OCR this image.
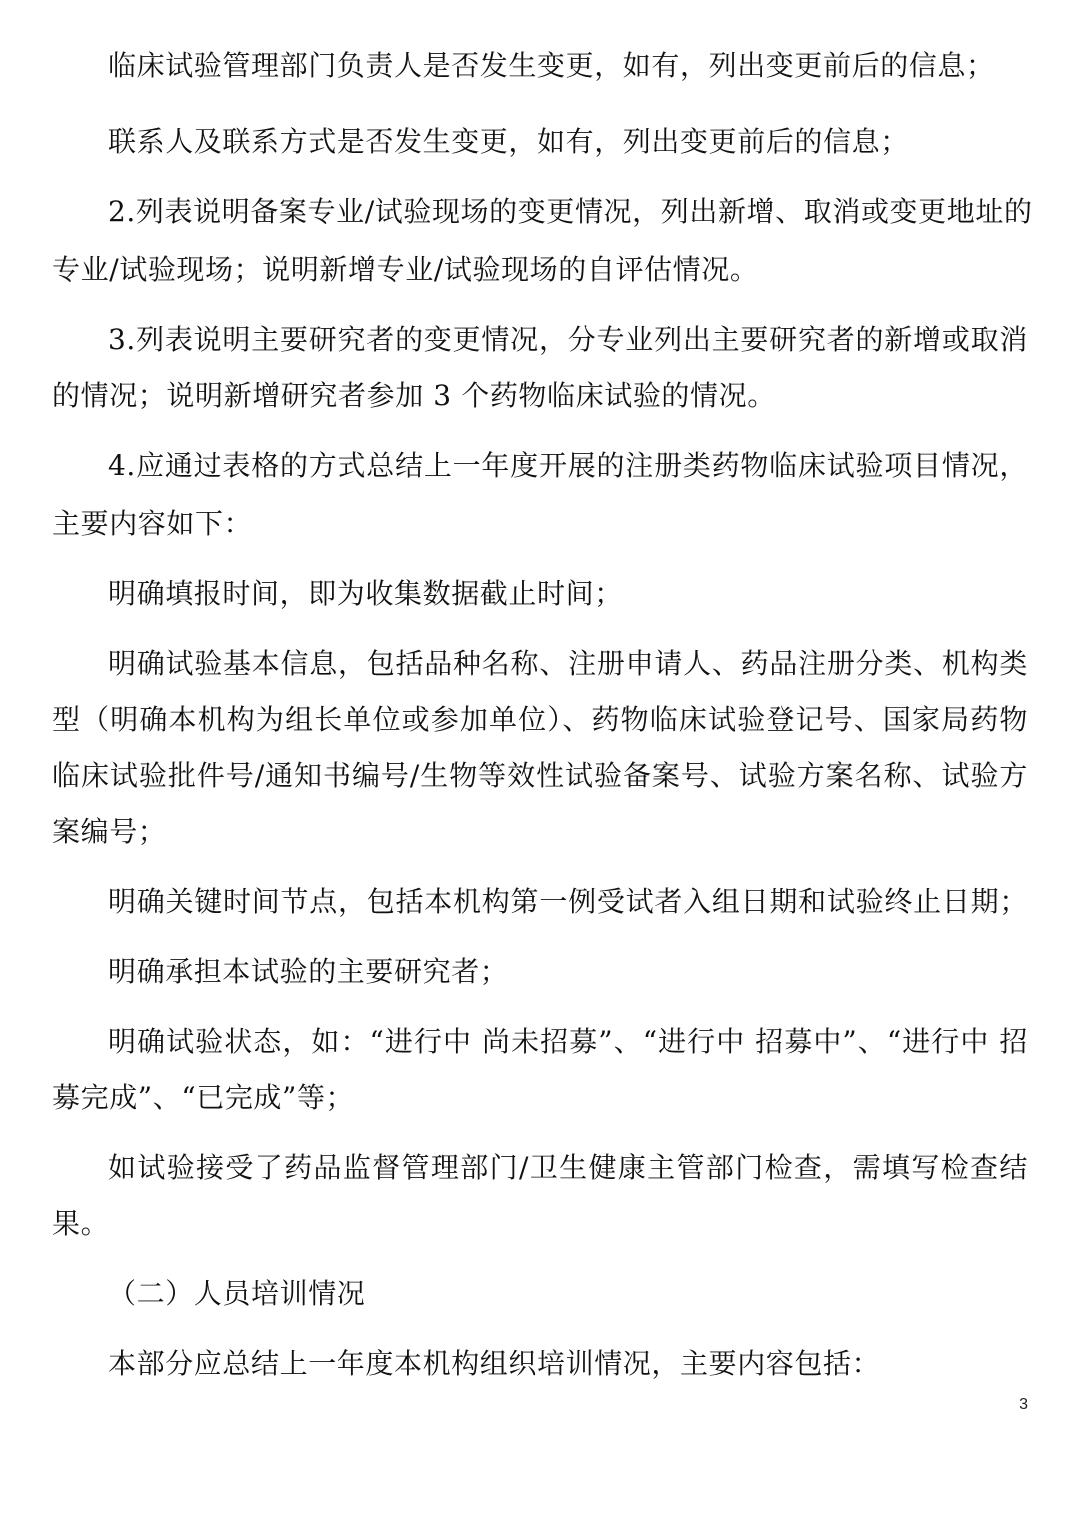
临床试验管理部门负责人是否发生变更，如有，列出变更前后的信息；
联系人及联系方式是否发生变更，如有，列出变更前后的信息；
2.列表说明备案专业/试验现场的变更情况，列出新增、取消或变更地址的
专业/试验现场；说明新增专业/试验现场的自评估情况。
3.列表说明主要研究者的变更情况，分专业列出主要研究者的新增或取消
的情况；说明新增研究者参加 3 个药物临床试验的情况。
4.应通过表格的方式总结上一年度开展的注册类药物临床试验项目情况，
主要内容如下：
明确填报时间，即为收集数据截止时间；
明确试验基本信息，包括品种名称、注册申请人、药品注册分类、机构类
型（明确本机构为组长单位或参加单位）、药物临床试验登记号、国家局药物
临床试验批件号/通知书编号/生物等效性试验备案号、试验方案名称、试验方
案编号；
明确关键时间节点，包括本机构第一例受试者入组日期和试验终止日期；
明确承担本试验的主要研究者；
明确试验状态，如：“进行中 尚未招募”、“进行中 招募中”、“进行中 招
募完成”、“已完成”等；
如试验接受了药品监督管理部门/卫生健康主管部门检查，需填写检查结
果。
（二）人员培训情况
本部分应总结上一年度本机构组织培训情况，主要内容包括：
3
